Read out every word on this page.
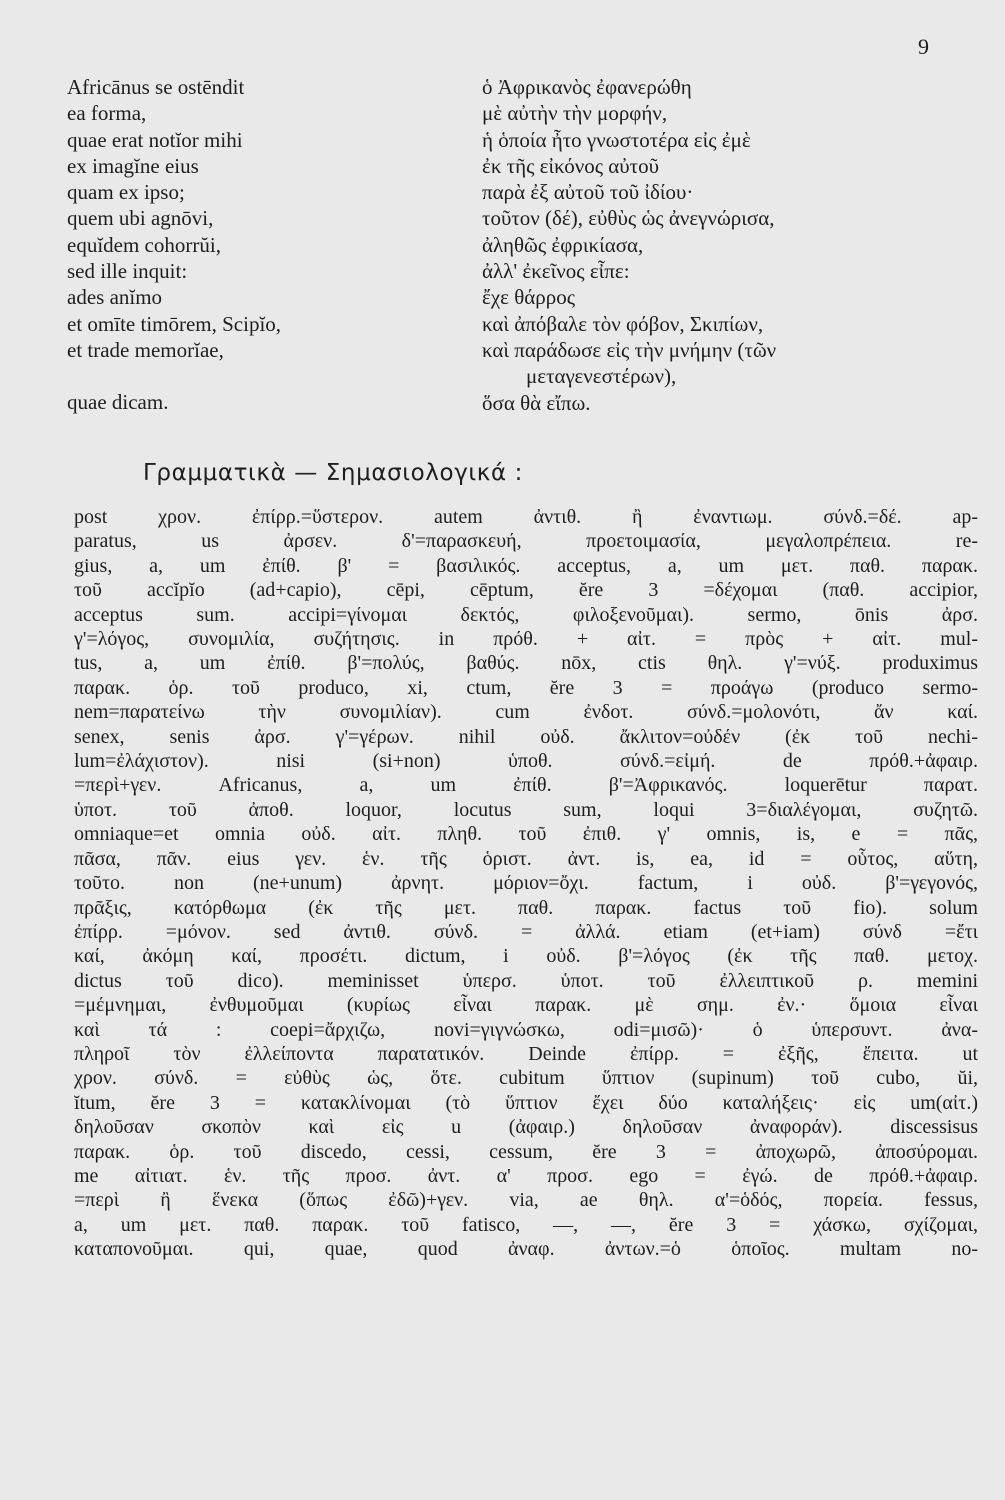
9
Africānus se ostēndit
ea forma,
quae erat notĭor mihi
ex imagĭne eius
quam ex ipso;
quem ubi agnōvi,
equĭdem cohorrŭi,
sed ille inquit:
ades anĭmo
et omīte timōrem, Scipĭo,
et trade memorĭae,
quae dicam.
ὁ Ἀφρικανὸς ἐφανερώθη
μὲ αὐτὴν τὴν μορφήν,
ἡ ὁποία ἦτο γνωστοτέρα εἰς ἐμὲ
ἐκ τῆς εἰκόνος αὐτοῦ
παρὰ ἐξ αὐτοῦ τοῦ ἰδίου·
τοῦτον (δέ), εὐθὺς ὡς ἀνεγνώρισα,
ἀληθῶς ἐφρικίασα,
ἀλλ' ἐκεῖνος εἶπε:
ἔχε θάρρος
καὶ ἀπόβαλε τὸν φόβον, Σκιπίων,
καὶ παράδωσε εἰς τὴν μνήμην (τῶν
μεταγενεστέρων),
ὅσα θὰ εἴπω.
Γραμματικὰ — Σημασιολογικά :
post χρον. ἐπίρρ.=ὕστερον. autem ἀντιθ. ἢ ἐναντιωμ. σύνδ.=δέ. ap-
paratus, us ἀρσεν. δ'=παρασκευή, προετοιμασία, μεγαλοπρέπεια. re-
gius, a, um ἐπίθ. β' = βασιλικός. acceptus, a, um μετ. παθ. παρακ.
τοῦ accĭpĭo (ad+capio), cēpi, cēptum, ĕre 3 =δέχομαι (παθ. accipior,
acceptus sum. accipi=γίνομαι δεκτός, φιλοξενοῦμαι). sermo, ōnis ἀρσ.
γ'=λόγος, συνομιλία, συζήτησις. in πρόθ. + αἰτ. = πρὸς + αἰτ. mul-
tus, a, um ἐπίθ. β'=πολύς, βαθύς. nōx, ctis θηλ. γ'=νύξ. produximus
παρακ. ὁρ. τοῦ produco, xi, ctum, ĕre 3 = προάγω (produco sermo-
nem=παρατείνω τὴν συνομιλίαν). cum ἐνδοτ. σύνδ.=μολονότι, ἄν καί.
senex, senis ἀρσ. γ'=γέρων. nihil οὐδ. ἄκλιτον=οὐδέν (ἐκ τοῦ nechi-
lum=ἐλάχιστον). nisi (si+non) ὑποθ. σύνδ.=εἰμή. de πρόθ.+ἀφαιρ.
=περὶ+γεν. Africanus, a, um ἐπίθ. β'=Ἀφρικανός. loquerētur παρατ.
ὑποτ. τοῦ ἀποθ. loquor, locutus sum, loqui 3=διαλέγομαι, συζητῶ.
omniaque=et omnia οὐδ. αἰτ. πληθ. τοῦ ἐπιθ. γ' omnis, is, e = πᾶς,
πᾶσα, πᾶν. eius γεν. ἑν. τῆς ὁριστ. ἀντ. is, ea, id = οὗτος, αὕτη,
τοῦτο. non (ne+unum) ἀρνητ. μόριον=ὄχι. factum, i οὐδ. β'=γεγονός,
πρᾶξις, κατόρθωμα (ἐκ τῆς μετ. παθ. παρακ. factus τοῦ fio). solum
ἐπίρρ. =μόνον. sed ἀντιθ. σύνδ. = ἀλλά. etiam (et+iam) σύνδ =ἔτι
καί, ἀκόμη καί, προσέτι. dictum, i οὐδ. β'=λόγος (ἐκ τῆς παθ. μετοχ.
dictus τοῦ dico). meminisset ὑπερσ. ὑποτ. τοῦ ἐλλειπτικοῦ ρ. memini
=μέμνημαι, ἐνθυμοῦμαι (κυρίως εἶναι παρακ. μὲ σημ. ἐν.· ὅμοια εἶναι
καὶ τά : coepi=ἄρχιζω, novi=γιγνώσκω, odi=μισῶ)· ὁ ὑπερσυντ. ἀνα-
πληροῖ τὸν ἐλλείποντα παρατατικόν. Deinde ἐπίρρ. = ἐξῆς, ἔπειτα. ut
χρον. σύνδ. = εὐθὺς ὡς, ὅτε. cubitum ὕπτιον (supinum) τοῦ cubo, ŭi,
ĭtum, ĕre 3 = κατακλίνομαι (τὸ ὕπτιον ἔχει δύο καταλήξεις· εἰς um(αἰτ.)
δηλοῦσαν σκοπὸν καὶ εἰς u (ἀφαιρ.) δηλοῦσαν ἀναφοράν). discessisus
παρακ. ὁρ. τοῦ discedo, cessi, cessum, ĕre 3 = ἀποχωρῶ, ἀποσύρομαι.
me αἰτιατ. ἑν. τῆς προσ. ἀντ. α' προσ. ego = ἐγώ. de πρόθ.+ἀφαιρ.
=περὶ ἢ ἕνεκα (ὅπως ἐδῶ)+γεν. via, ae θηλ. α'=ὁδός, πορεία. fessus,
a, um μετ. παθ. παρακ. τοῦ fatisco, —, —, ĕre 3 = χάσκω, σχίζομαι,
καταπονοῦμαι. qui, quae, quod ἀναφ. ἀντων.=ὁ ὁποῖος. multam no-
